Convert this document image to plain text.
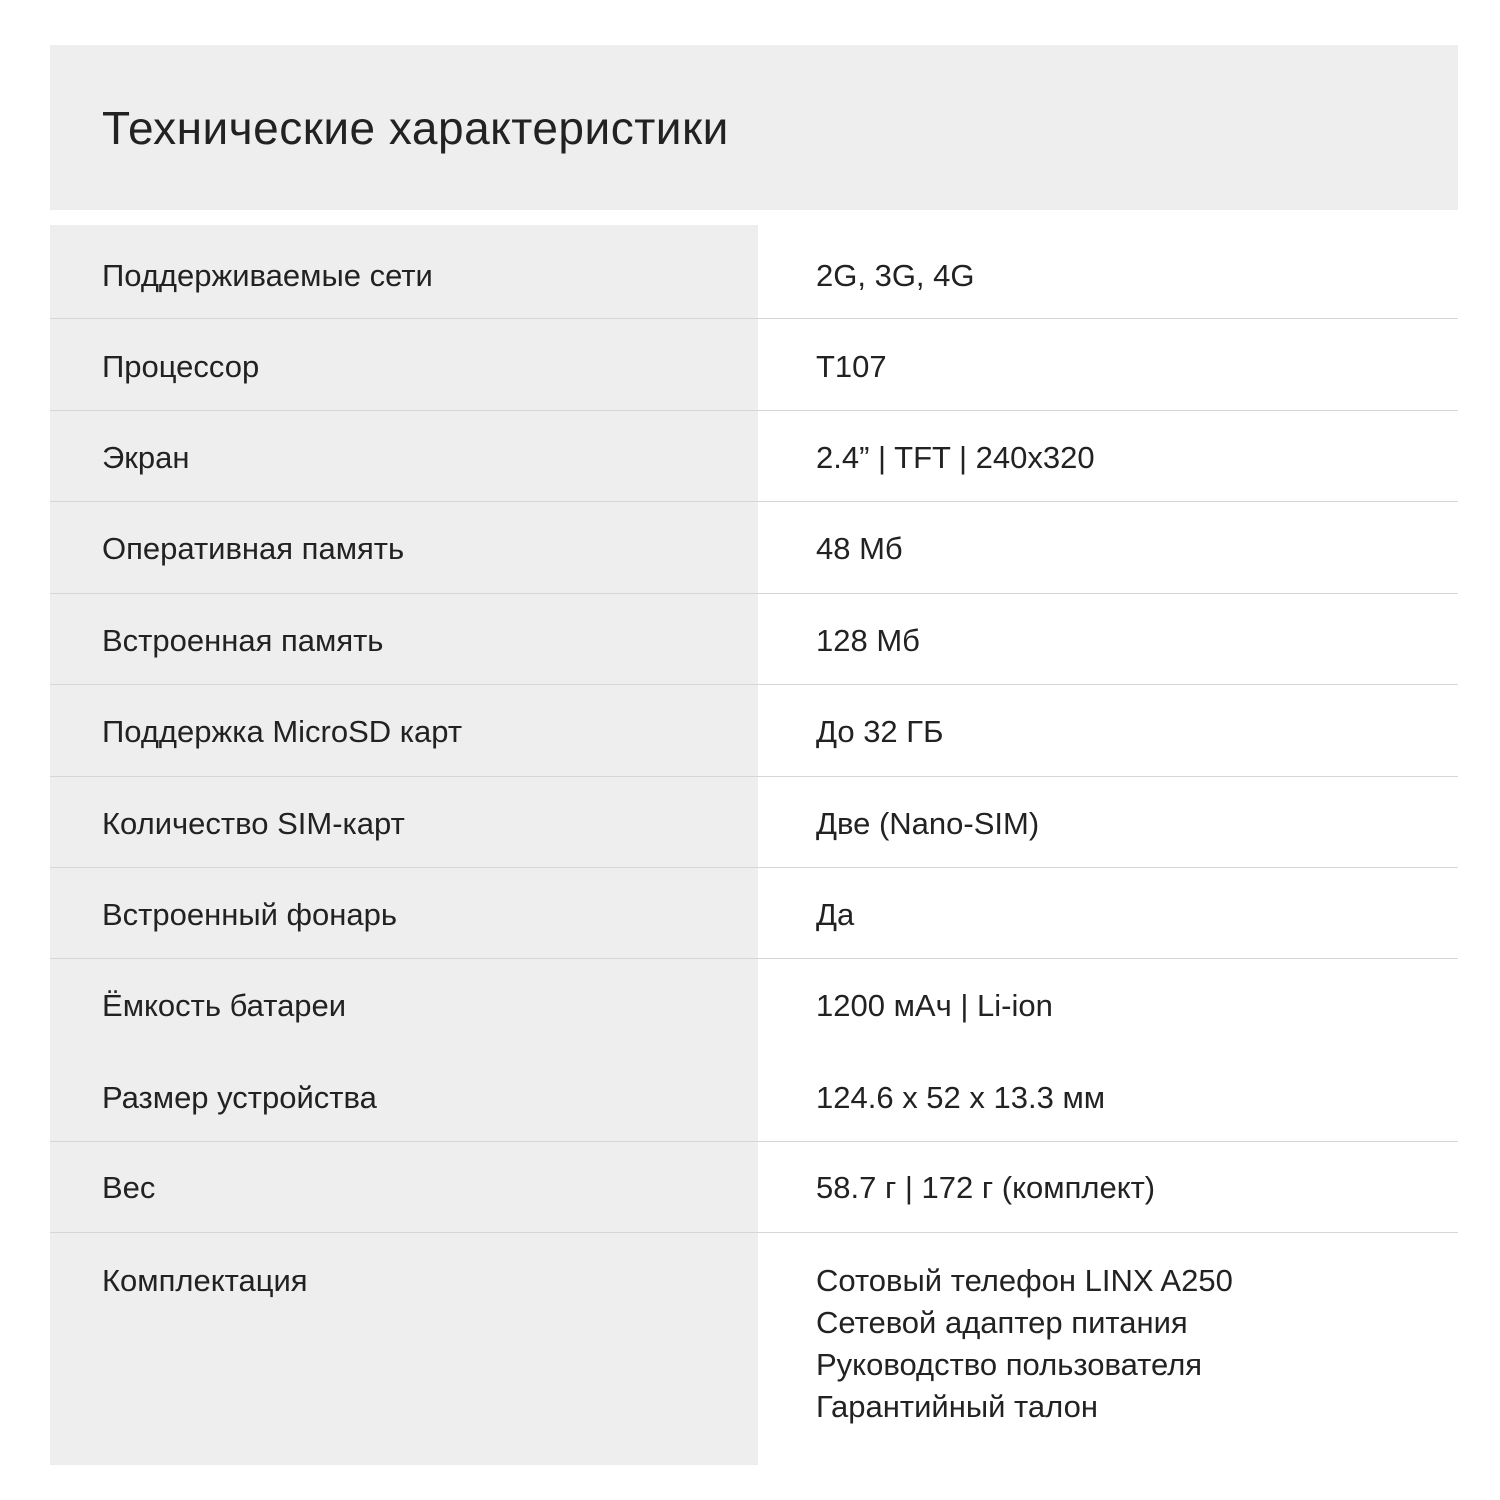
Технические характеристики
Поддерживаемые сети	2G, 3G, 4G
Процессор	T107
Экран	2.4” | TFT | 240x320
Оперативная память	48 Мб
Встроенная память	128 Мб
Поддержка MicroSD карт	До 32 ГБ
Количество SIM-карт	Две (Nano-SIM)
Встроенный фонарь	Да
Ёмкость батареи	1200 мАч | Li-ion
Размер устройства	124.6 x 52 x 13.3 мм
Вес	58.7 г | 172 г (комплект)
Комплектация	Сотовый телефон LINX A250
Сетевой адаптер питания
Руководство пользователя
Гарантийный талон
